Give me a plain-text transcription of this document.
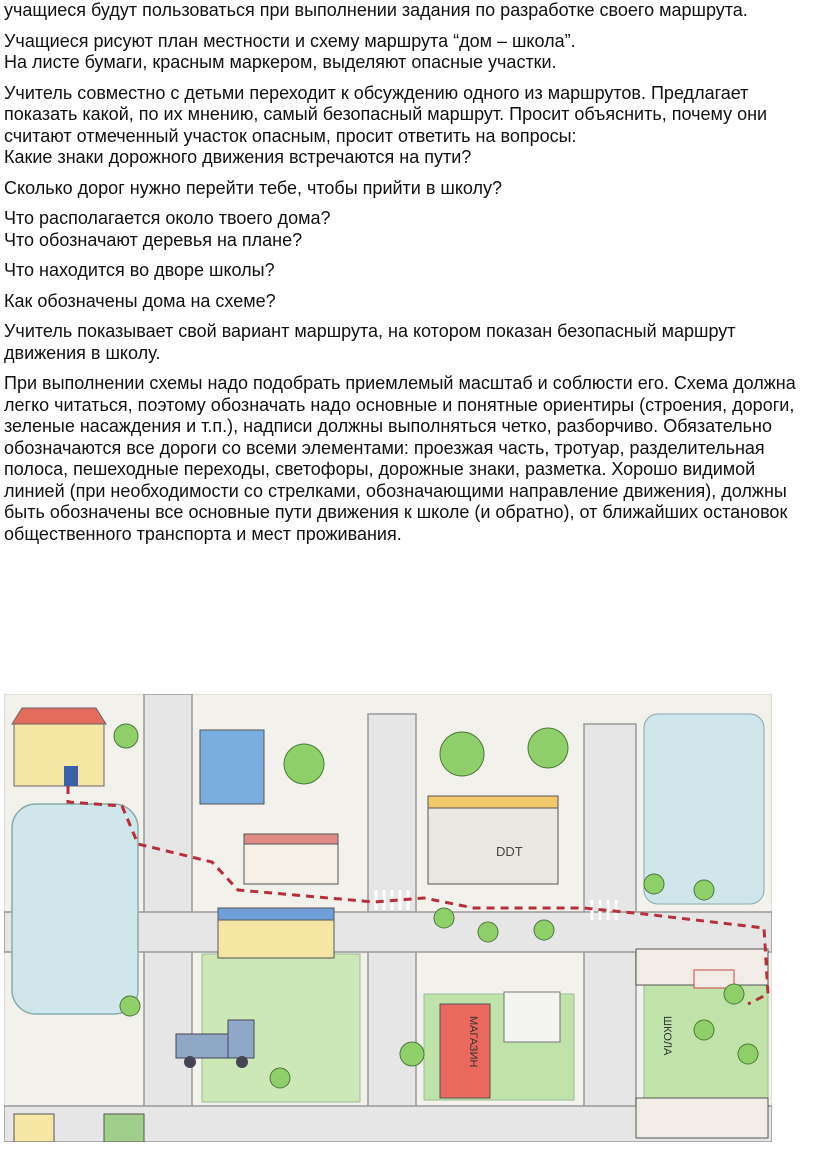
учащиеся будут пользоваться при выполнении задания по разработке своего маршрута.

Учащиеся рисуют план местности и схему маршрута “дом – школа”.

На листе бумаги, красным маркером, выделяют опасные участки.

Учитель совместно с детьми переходит к обсуждению одного из маршрутов. Предлагает показать какой, по их мнению, самый безопасный маршрут. Просит объяснить, почему они считают отмеченный участок опасным, просит ответить на вопросы:

Какие знаки дорожного движения встречаются на пути?

Сколько дорог нужно перейти тебе, чтобы прийти в школу?

Что располагается около твоего дома?

Что обозначают деревья на плане?

Что находится во дворе школы?

Как обозначены дома на схеме?

Учитель показывает свой вариант маршрута, на котором показан безопасный маршрут движения в школу.

При выполнении схемы надо подобрать приемлемый масштаб и соблюсти его. Схема должна легко читаться, поэтому обозначать надо основные и понятные ориентиры (строения, дороги, зеленые насаждения и т.п.), надписи должны выполняться четко, разборчиво. Обязательно обозначаются все дороги со всеми элементами: проезжая часть, тротуар, разделительная полоса, пешеходные переходы, светофоры, дорожные знаки, разметка. Хорошо видимой линией (при необходимости со стрелками, обозначающими направление движения), должны быть обозначены все основные пути движения к школе (и обратно), от ближайших остановок общественного транспорта и мест проживания.

DDT
МАГАЗИН	ШКОЛА
